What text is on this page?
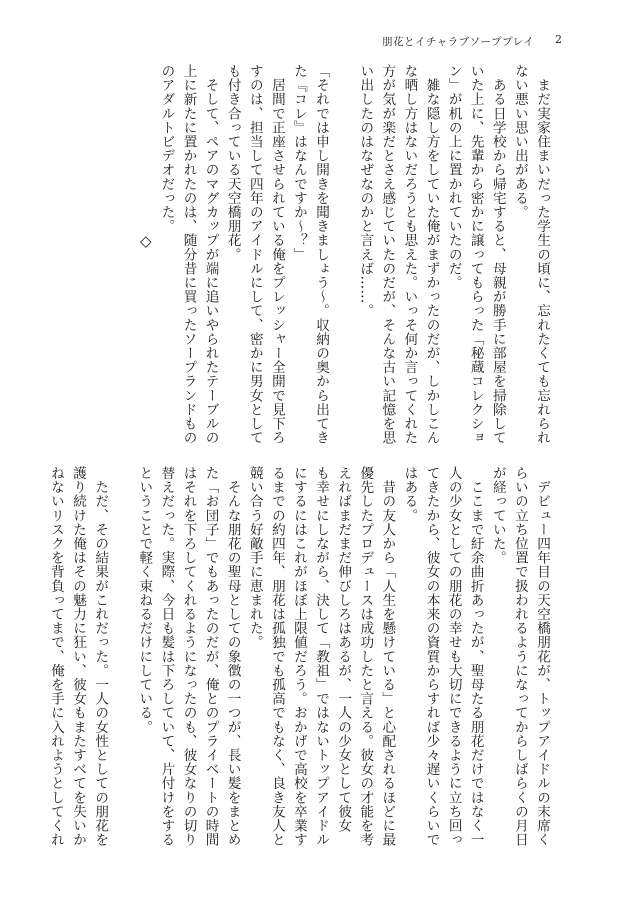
朋花とイチャラブソーププレイ 2
　まだ実家住まいだった学生の頃に、忘れたくても忘れられ
ない悪い思い出がある。
　ある日学校から帰宅すると、母親が勝手に部屋を掃除して
いた上に、先輩から密かに譲ってもらった「秘蔵コレクショ
ン」が机の上に置かれていたのだ。
　雑な隠し方をしていた俺がまずかったのだが、しかしこん
な晒し方はないだろうとも思えた。いっそ何か言ってくれた
方が気が楽だとさえ感じていたのだが、そんな古い記憶を思
い出したのはなぜなのかと言えば……。

「それでは申し開きを聞きましょう～。収納の奥から出てき
た『コレ』はなんですか～？」
　居間で正座させられている俺をプレッシャー全開で見下ろ
すのは、担当して四年のアイドルにして、密かに男女として
も付き合っている天空橋朋花。
　そして、ペアのマグカップが端に追いやられたテーブルの
上に新たに置かれたのは、随分昔に買ったソープランドもの
のアダルトビデオだった。
◇
　デビュー四年目の天空橋朋花が、トップアイドルの末席く
らいの立ち位置で扱われるようになってからしばらくの月日
が経っていた。
　ここまで紆余曲折あったが、聖母たる朋花だけではなく一
人の少女としての朋花の幸せも大切にできるように立ち回っ
てきたから、彼女の本来の資質からすれば少々遅いくらいで
はある。
　昔の友人から「人生を懸けている」と心配されるほどに最
優先したプロデュースは成功したと言える。彼女の才能を考
えればまだまだ伸びしろはあるが、一人の少女として彼女
も幸せにしながら、決して「教祖」ではないトップアイドル
にするにはこれがほぼ上限値だろう。おかげで高校を卒業す
るまでの約四年、朋花は孤独でも孤高でもなく、良き友人と
競い合う好敵手に恵まれた。
　そんな朋花の聖母としての象徴の一つが、長い髪をまとめ
た「お団子」でもあったのだが、俺とのプライベートの時間
はそれを下ろしてくれるようになったのも、彼女なりの切り
替えだった。実際、今日も髪は下ろしていて、片付けをする
ということで軽く束ねるだけにしている。

　ただ、その結果がこれだった。一人の女性としての朋花を
護り続けた俺はその魅力に狂い、彼女もまたすべてを失いか
ねないリスクを背負ってまで、俺を手に入れようとしてくれ
